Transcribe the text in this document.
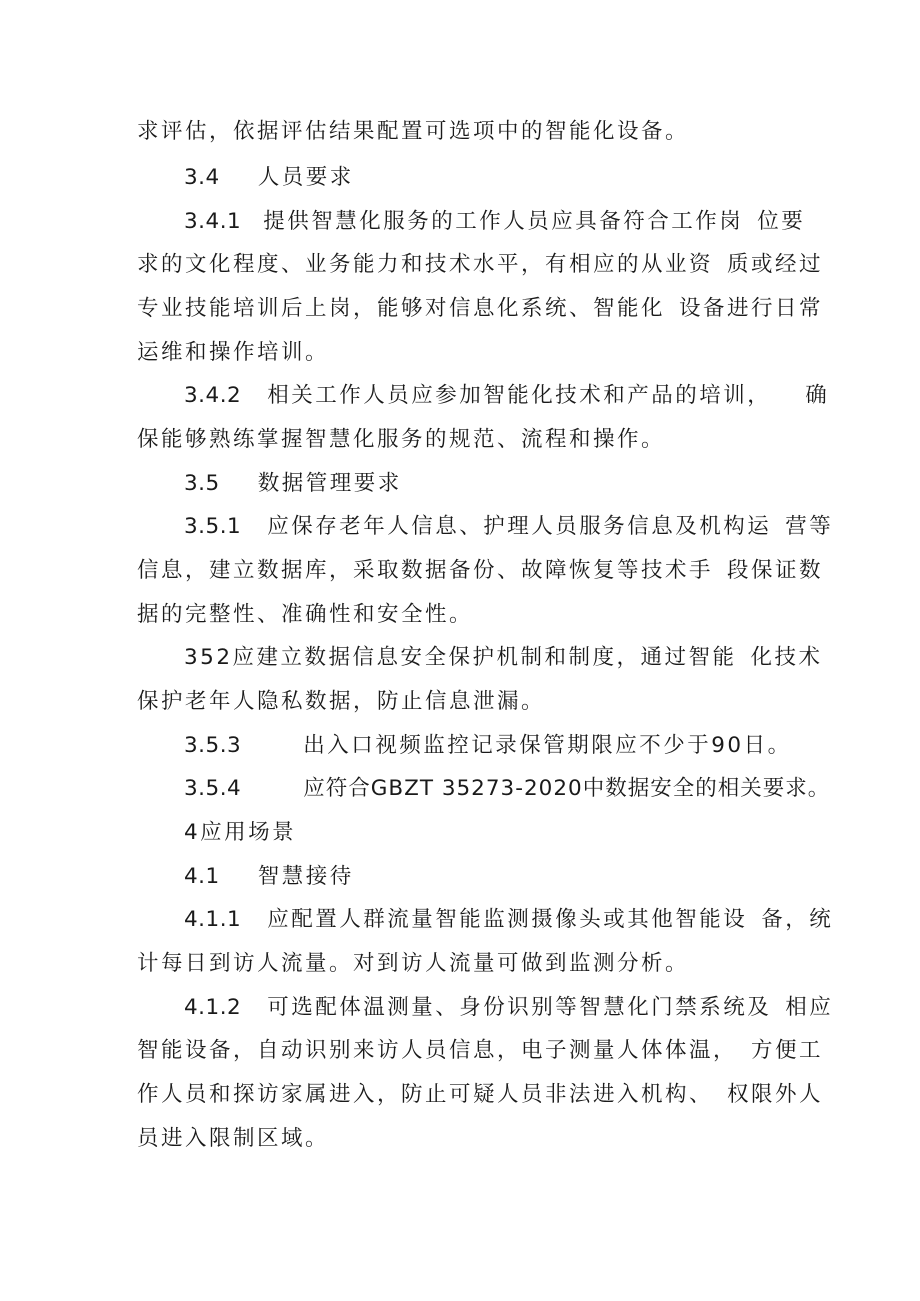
求评估，依据评估结果配置可选项中的智能化设备。
3.4 人员要求
3.4.1 提供智慧化服务的工作人员应具备符合工作岗 位要
求的文化程度、业务能力和技术水平，有相应的从业资 质或经过
专业技能培训后上岗，能够对信息化系统、智能化 设备进行日常
运维和操作培训。
3.4.2 相关工作人员应参加智能化技术和产品的培训， 确
保能够熟练掌握智慧化服务的规范、流程和操作。
3.5 数据管理要求
3.5.1 应保存老年人信息、护理人员服务信息及机构运 营等
信息，建立数据库，采取数据备份、故障恢复等技术手 段保证数
据的完整性、准确性和安全性。
352应建立数据信息安全保护机制和制度，通过智能 化技术
保护老年人隐私数据，防止信息泄漏。
3.5.3	出入口视频监控记录保管期限应不少于90日。
3.5.4	应符合GBZT 35273-2020中数据安全的相关要求。
4应用场景
4.1 智慧接待
4.1.1 应配置人群流量智能监测摄像头或其他智能设 备，统
计每日到访人流量。对到访人流量可做到监测分析。
4.1.2 可选配体温测量、身份识别等智慧化门禁系统及 相应
智能设备，自动识别来访人员信息，电子测量人体体温， 方便工
作人员和探访家属进入，防止可疑人员非法进入机构、 权限外人
员进入限制区域。
